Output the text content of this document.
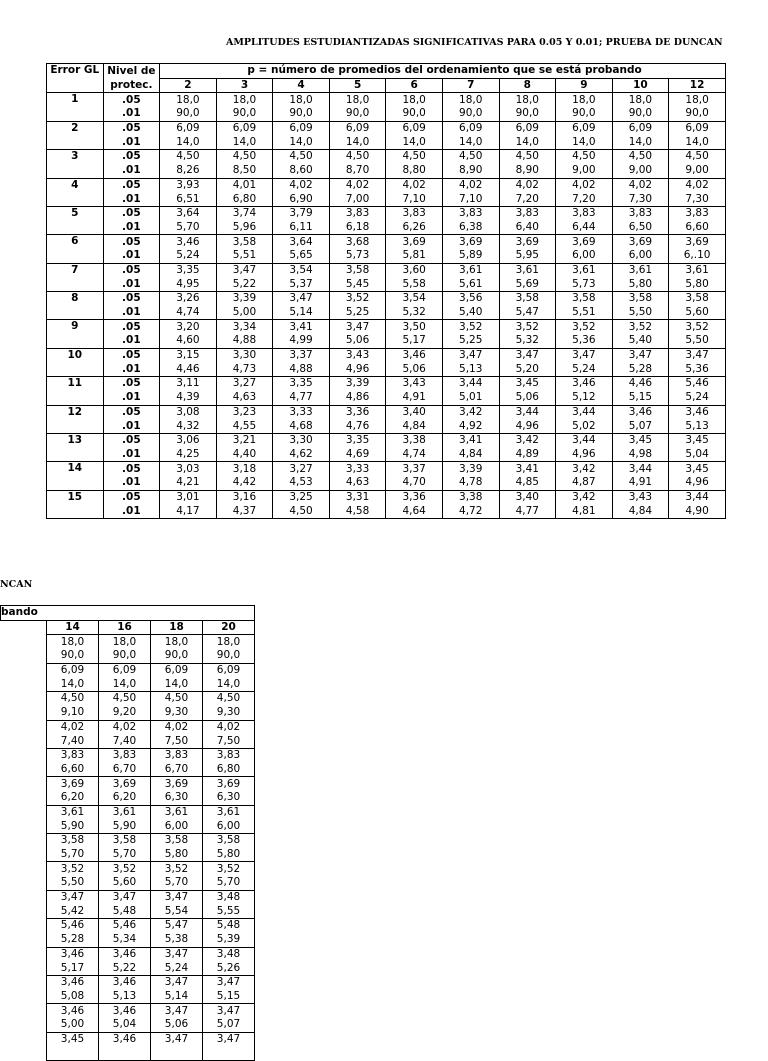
AMPLITUDES ESTUDIANTIZADAS SIGNIFICATIVAS PARA 0.05 Y 0.01; PRUEBA DE DUNCAN
Error GL	Nivel de	p = número de promedios del ordenamiento que se está probando									
	protec.	2	3	4	5	6	7	8	9	10	12
1	.05	18,0	18,0	18,0	18,0	18,0	18,0	18,0	18,0	18,0	18,0
	.01	90,0	90,0	90,0	90,0	90,0	90,0	90,0	90,0	90,0	90,0
2	.05	6,09	6,09	6,09	6,09	6,09	6,09	6,09	6,09	6,09	6,09
	.01	14,0	14,0	14,0	14,0	14,0	14,0	14,0	14,0	14,0	14,0
3	.05	4,50	4,50	4,50	4,50	4,50	4,50	4,50	4,50	4,50	4,50
	.01	8,26	8,50	8,60	8,70	8,80	8,90	8,90	9,00	9,00	9,00
4	.05	3,93	4,01	4,02	4,02	4,02	4,02	4,02	4,02	4,02	4,02
	.01	6,51	6,80	6,90	7,00	7,10	7,10	7,20	7,20	7,30	7,30
5	.05	3,64	3,74	3,79	3,83	3,83	3,83	3,83	3,83	3,83	3,83
	.01	5,70	5,96	6,11	6,18	6,26	6,38	6,40	6,44	6,50	6,60
6	.05	3,46	3,58	3,64	3,68	3,69	3,69	3,69	3,69	3,69	3,69
	.01	5,24	5,51	5,65	5,73	5,81	5,89	5,95	6,00	6,00	6,.10
7	.05	3,35	3,47	3,54	3,58	3,60	3,61	3,61	3,61	3,61	3,61
	.01	4,95	5,22	5,37	5,45	5,58	5,61	5,69	5,73	5,80	5,80
8	.05	3,26	3,39	3,47	3,52	3,54	3,56	3,58	3,58	3,58	3,58
	.01	4,74	5,00	5,14	5,25	5,32	5,40	5,47	5,51	5,50	5,60
9	.05	3,20	3,34	3,41	3,47	3,50	3,52	3,52	3,52	3,52	3,52
	.01	4,60	4,88	4,99	5,06	5,17	5,25	5,32	5,36	5,40	5,50
10	.05	3,15	3,30	3,37	3,43	3,46	3,47	3,47	3,47	3,47	3,47
	.01	4,46	4,73	4,88	4,96	5,06	5,13	5,20	5,24	5,28	5,36
11	.05	3,11	3,27	3,35	3,39	3,43	3,44	3,45	3,46	4,46	5,46
	.01	4,39	4,63	4,77	4,86	4,91	5,01	5,06	5,12	5,15	5,24
12	.05	3,08	3,23	3,33	3,36	3,40	3,42	3,44	3,44	3,46	3,46
	.01	4,32	4,55	4,68	4,76	4,84	4,92	4,96	5,02	5,07	5,13
13	.05	3,06	3,21	3,30	3,35	3,38	3,41	3,42	3,44	3,45	3,45
	.01	4,25	4,40	4,62	4,69	4,74	4,84	4,89	4,96	4,98	5,04
14	.05	3,03	3,18	3,27	3,33	3,37	3,39	3,41	3,42	3,44	3,45
	.01	4,21	4,42	4,53	4,63	4,70	4,78	4,85	4,87	4,91	4,96
15	.05	3,01	3,16	3,25	3,31	3,36	3,38	3,40	3,42	3,43	3,44
	.01	4,17	4,37	4,50	4,58	4,64	4,72	4,77	4,81	4,84	4,90
NCAN
bando				
	14	16	18	20
	18,0	18,0	18,0	18,0
	90,0	90,0	90,0	90,0
	6,09	6,09	6,09	6,09
	14,0	14,0	14,0	14,0
	4,50	4,50	4,50	4,50
	9,10	9,20	9,30	9,30
	4,02	4,02	4,02	4,02
	7,40	7,40	7,50	7,50
	3,83	3,83	3,83	3,83
	6,60	6,70	6,70	6,80
	3,69	3,69	3,69	3,69
	6,20	6,20	6,30	6,30
	3,61	3,61	3,61	3,61
	5,90	5,90	6,00	6,00
	3,58	3,58	3,58	3,58
	5,70	5,70	5,80	5,80
	3,52	3,52	3,52	3,52
	5,50	5,60	5,70	5,70
	3,47	3,47	3,47	3,48
	5,42	5,48	5,54	5,55
	5,46	5,46	5,47	5,48
	5,28	5,34	5,38	5,39
	3,46	3,46	3,47	3,48
	5,17	5,22	5,24	5,26
	3,46	3,46	3,47	3,47
	5,08	5,13	5,14	5,15
	3,46	3,46	3,47	3,47
	5,00	5,04	5,06	5,07
	3,45	3,46	3,47	3,47
